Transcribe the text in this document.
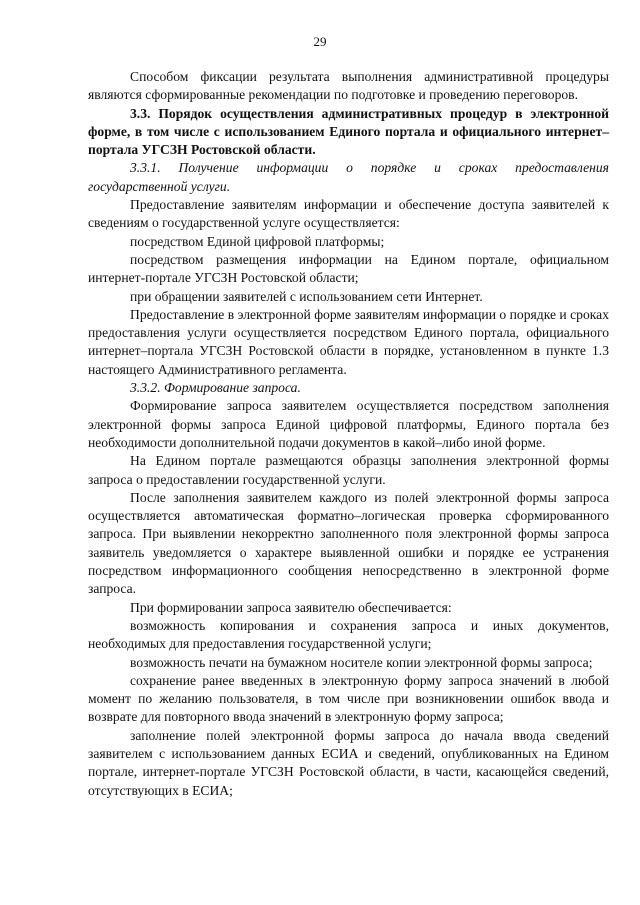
29

Способом фиксации результата выполнения административной процедуры являются сформированные рекомендации по подготовке и проведению переговоров.

3.3. Порядок осуществления административных процедур в электронной форме, в том числе с использованием Единого портала и официального интернет–портала УГСЗН Ростовской области.

3.3.1. Получение информации о порядке и сроках предоставления государственной услуги.

Предоставление заявителям информации и обеспечение доступа заявителей к сведениям о государственной услуге осуществляется:

посредством Единой цифровой платформы;

посредством размещения информации на Едином портале, официальном интернет-портале УГСЗН Ростовской области;

при обращении заявителей с использованием сети Интернет.

Предоставление в электронной форме заявителям информации о порядке и сроках предоставления услуги осуществляется посредством Единого портала, официального интернет–портала УГСЗН Ростовской области в порядке, установленном в пункте 1.3 настоящего Административного регламента.

3.3.2. Формирование запроса.

Формирование запроса заявителем осуществляется посредством заполнения электронной формы запроса Единой цифровой платформы, Единого портала без необходимости дополнительной подачи документов в какой–либо иной форме.

На Едином портале размещаются образцы заполнения электронной формы запроса о предоставлении государственной услуги.

После заполнения заявителем каждого из полей электронной формы запроса осуществляется автоматическая форматно–логическая проверка сформированного запроса. При выявлении некорректно заполненного поля электронной формы запроса заявитель уведомляется о характере выявленной ошибки и порядке ее устранения посредством информационного сообщения непосредственно в электронной форме запроса.

При формировании запроса заявителю обеспечивается:

возможность копирования и сохранения запроса и иных документов, необходимых для предоставления государственной услуги;

возможность печати на бумажном носителе копии электронной формы запроса;

сохранение ранее введенных в электронную форму запроса значений в любой момент по желанию пользователя, в том числе при возникновении ошибок ввода и возврате для повторного ввода значений в электронную форму запроса;

заполнение полей электронной формы запроса до начала ввода сведений заявителем с использованием данных ЕСИА и сведений, опубликованных на Едином портале, интернет-портале УГСЗН Ростовской области, в части, касающейся сведений, отсутствующих в ЕСИА;
